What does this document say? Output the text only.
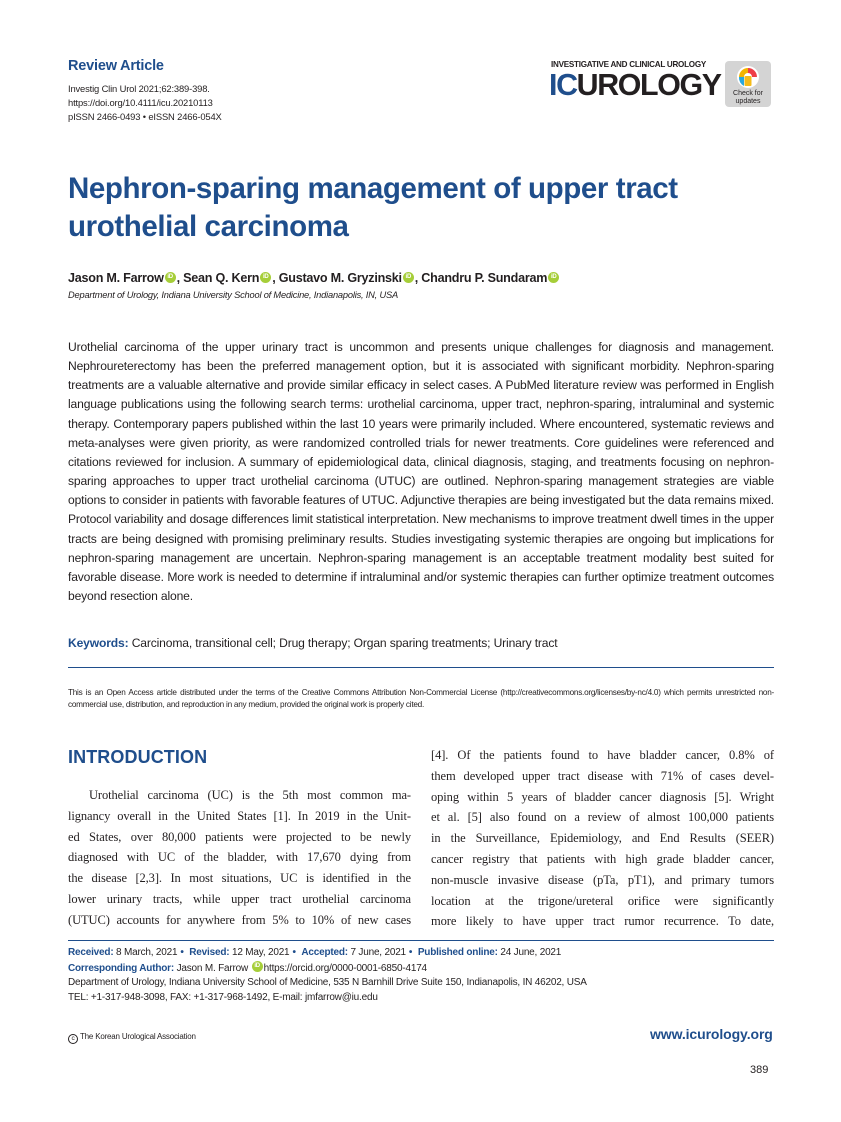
Review Article
Investig Clin Urol 2021;62:389-398.
https://doi.org/10.4111/icu.20210113
pISSN 2466-0493 • eISSN 2466-054X
INVESTIGATIVE AND CLINICAL UROLOGY
ICUROLOGY	Check for
updates
Nephron-sparing management of upper tract urothelial carcinoma
Jason M. Farrow iD , Sean Q. Kern iD , Gustavo M. Gryzinski iD , Chandru P. SundaramiD
Department of Urology, Indiana University School of Medicine, Indianapolis, IN, USA

Urothelial carcinoma of the upper urinary tract is uncommon and presents unique challenges for diagnosis and management. Nephroureterectomy has been the preferred management option, but it is associated with significant morbidity. Nephron-sparing treatments are a valuable alternative and provide similar efficacy in select cases. A PubMed literature review was performed in English language publications using the following search terms: urothelial carcinoma, upper tract, nephron-sparing, intraluminal and systemic therapy. Contemporary papers published within the last 10 years were primarily included. Where encountered, systematic reviews and meta-analyses were given priority, as were randomized controlled trials for newer treatments. Core guidelines were referenced and citations reviewed for inclusion. A summary of epidemiological data, clinical diagnosis, staging, and treatments focusing on nephron-sparing approaches to upper tract urothelial carcinoma (UTUC) are outlined. Nephron-sparing management strategies are viable options to consider in patients with favorable features of UTUC. Adjunctive therapies are being investigated but the data remains mixed. Protocol variability and dosage differences limit statistical interpretation. New mechanisms to improve treatment dwell times in the upper tracts are being designed with promising preliminary results. Studies investigating systemic therapies are ongoing but implications for nephron-sparing management are uncertain. Nephron-sparing management is an acceptable treatment modality best suited for favorable disease. More work is needed to determine if intraluminal and/or systemic therapies can further optimize treatment outcomes beyond resection alone.

Keywords: Carcinoma, transitional cell; Drug therapy; Organ sparing treatments; Urinary tract

This is an Open Access article distributed under the terms of the Creative Commons Attribution Non-Commercial License (http://creativecommons.org/licenses/by-nc/4.0) which permits unrestricted non-commercial use, distribution, and reproduction in any medium, provided the original work is properly cited.

INTRODUCTION
Urothelial carcinoma (UC) is the 5th most common ma-
lignancy overall in the United States [1]. In 2019 in the Unit-
ed States, over 80,000 patients were projected to be newly
diagnosed with UC of the bladder, with 17,670 dying from
the disease [2,3]. In most situations, UC is identified in the
lower urinary tracts, while upper tract urothelial carcinoma
(UTUC) accounts for anywhere from 5% to 10% of new cases
[4]. Of the patients found to have bladder cancer, 0.8% of
them developed upper tract disease with 71% of cases devel-
oping within 5 years of bladder cancer diagnosis [5]. Wright
et al. [5] also found on a review of almost 100,000 patients
in the Surveillance, Epidemiology, and End Results (SEER)
cancer registry that patients with high grade bladder cancer,
non-muscle invasive disease (pTa, pT1), and primary tumors
location at the trigone/ureteral orifice were significantly
more likely to have upper tract rumor recurrence. To date,
Received: 8 March, 2021 • Revised: 12 May, 2021 • Accepted: 7 June, 2021 • Published online: 24 June, 2021
Corresponding Author: Jason M. Farrow iD https://orcid.org/0000-0001-6850-4174
Department of Urology, Indiana University School of Medicine, 535 N Barnhill Drive Suite 150, Indianapolis, IN 46202, USA
TEL: +1-317-948-3098, FAX: +1-317-968-1492, E-mail: jmfarrow@iu.edu
c The Korean Urological Association	www.icurology.org
389
